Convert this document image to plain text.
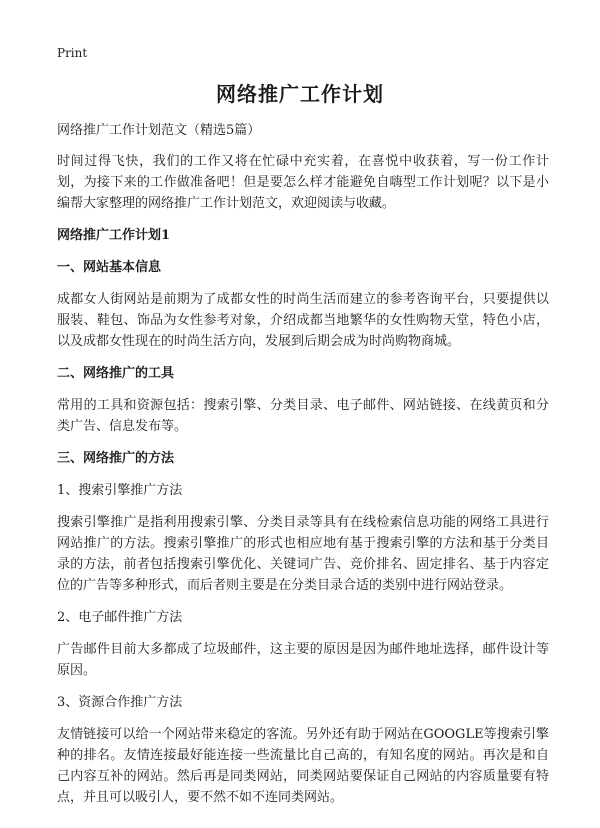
Print
网络推广工作计划

网络推广工作计划范文（精选5篇）

时间过得飞快，我们的工作又将在忙碌中充实着，在喜悦中收获着，写一份工作计划，为接下来的工作做准备吧！但是要怎么样才能避免自嗨型工作计划呢？以下是小编帮大家整理的网络推广工作计划范文，欢迎阅读与收藏。

网络推广工作计划1

一、网站基本信息

成都女人街网站是前期为了成都女性的时尚生活而建立的参考咨询平台，只要提供以服装、鞋包、饰品为女性参考对象，介绍成都当地繁华的女性购物天堂，特色小店，以及成都女性现在的时尚生活方向，发展到后期会成为时尚购物商城。

二、网络推广的工具

常用的工具和资源包括：搜索引擎、分类目录、电子邮件、网站链接、在线黄页和分类广告、信息发布等。

三、网络推广的方法

1、搜索引擎推广方法

搜索引擎推广是指利用搜索引擎、分类目录等具有在线检索信息功能的网络工具进行网站推广的方法。搜索引擎推广的形式也相应地有基于搜索引擎的方法和基于分类目录的方法，前者包括搜索引擎优化、关键词广告、竞价排名、固定排名、基于内容定位的广告等多种形式，而后者则主要是在分类目录合适的类别中进行网站登录。

2、电子邮件推广方法

广告邮件目前大多都成了垃圾邮件，这主要的原因是因为邮件地址选择，邮件设计等原因。

3、资源合作推广方法

友情链接可以给一个网站带来稳定的客流。另外还有助于网站在GOOGLE等搜索引擎种的排名。友情连接最好能连接一些流量比自己高的，有知名度的网站。再次是和自己内容互补的网站。然后再是同类网站，同类网站要保证自己网站的内容质量要有特点，并且可以吸引人，要不然不如不连同类网站。
